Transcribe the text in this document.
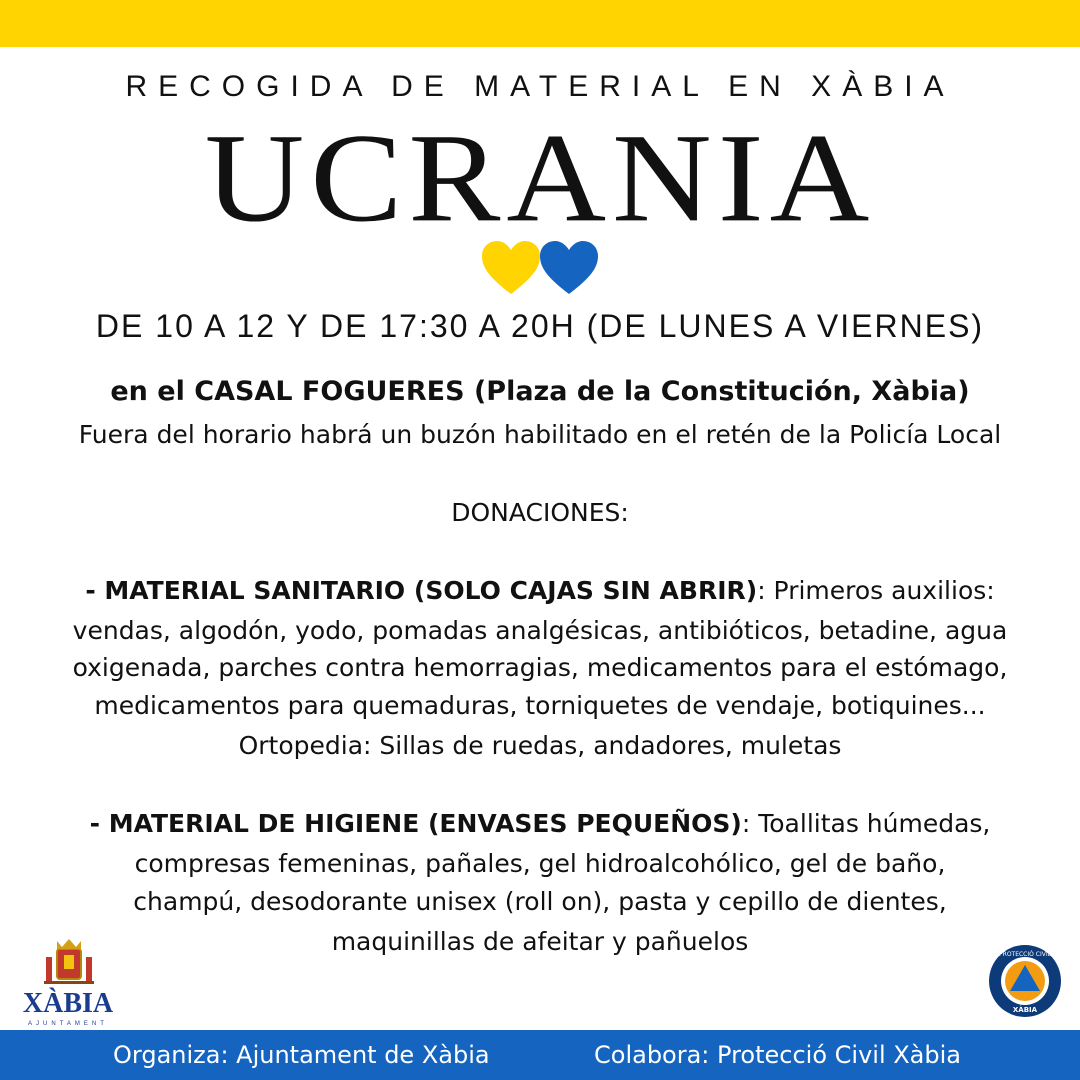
RECOGIDA DE MATERIAL EN XÀBIA
UCRANIA
DE 10 A 12 Y DE 17:30 A 20H (DE LUNES A VIERNES)
en el CASAL FOGUERES (Plaza de la Constitución, Xàbia)
Fuera del horario habrá un buzón habilitado en el retén de la Policía Local
DONACIONES:
- MATERIAL SANITARIO (SOLO CAJAS SIN ABRIR): Primeros auxilios:
vendas, algodón, yodo, pomadas analgésicas, antibióticos, betadine, agua
oxigenada, parches contra hemorragias, medicamentos para el estómago,
medicamentos para quemaduras, torniquetes de vendaje, botiquines...
Ortopedia: Sillas de ruedas, andadores, muletas
- MATERIAL DE HIGIENE (ENVASES PEQUEÑOS): Toallitas húmedas,
compresas femeninas, pañales, gel hidroalcohólico, gel de baño,
champú, desodorante unisex (roll on), pasta y cepillo de dientes,
maquinillas de afeitar y pañuelos
XÀBIA
AJUNTAMENT
PROTECCIÓ CIVIL
XÀBIA
Organiza: Ajuntament de Xàbia	Colabora: Protecció Civil Xàbia
